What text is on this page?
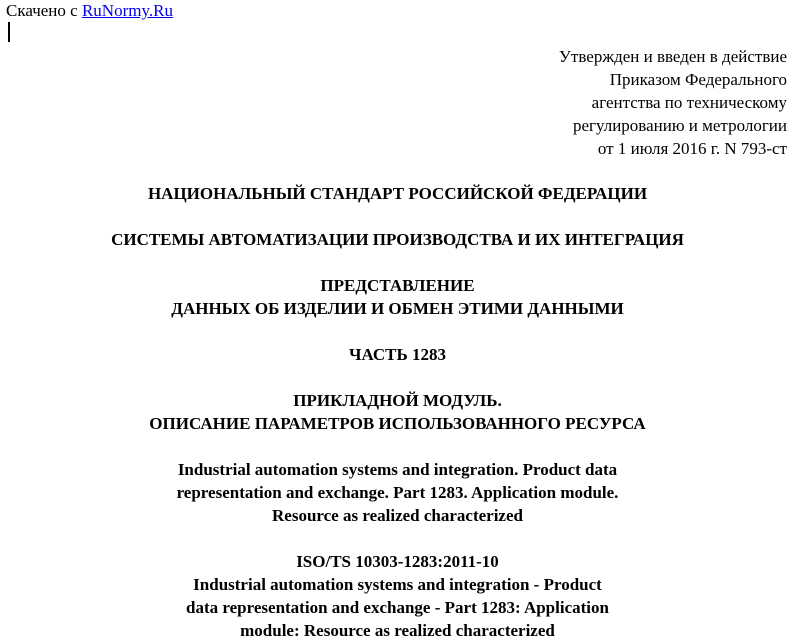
Скачено с RuNormy.Ru
Утвержден и введен в действие
Приказом Федерального
агентства по техническому
регулированию и метрологии
от 1 июля 2016 г. N 793-ст
НАЦИОНАЛЬНЫЙ СТАНДАРТ РОССИЙСКОЙ ФЕДЕРАЦИИ
СИСТЕМЫ АВТОМАТИЗАЦИИ ПРОИЗВОДСТВА И ИХ ИНТЕГРАЦИЯ
ПРЕДСТАВЛЕНИЕ
ДАННЫХ ОБ ИЗДЕЛИИ И ОБМЕН ЭТИМИ ДАННЫМИ
ЧАСТЬ 1283
ПРИКЛАДНОЙ МОДУЛЬ.
ОПИСАНИЕ ПАРАМЕТРОВ ИСПОЛЬЗОВАННОГО РЕСУРСА
Industrial automation systems and integration. Product data
representation and exchange. Part 1283. Application module.
Resource as realized characterized
ISO/TS 10303-1283:2011-10
Industrial automation systems and integration - Product
data representation and exchange - Part 1283: Application
module: Resource as realized characterized
